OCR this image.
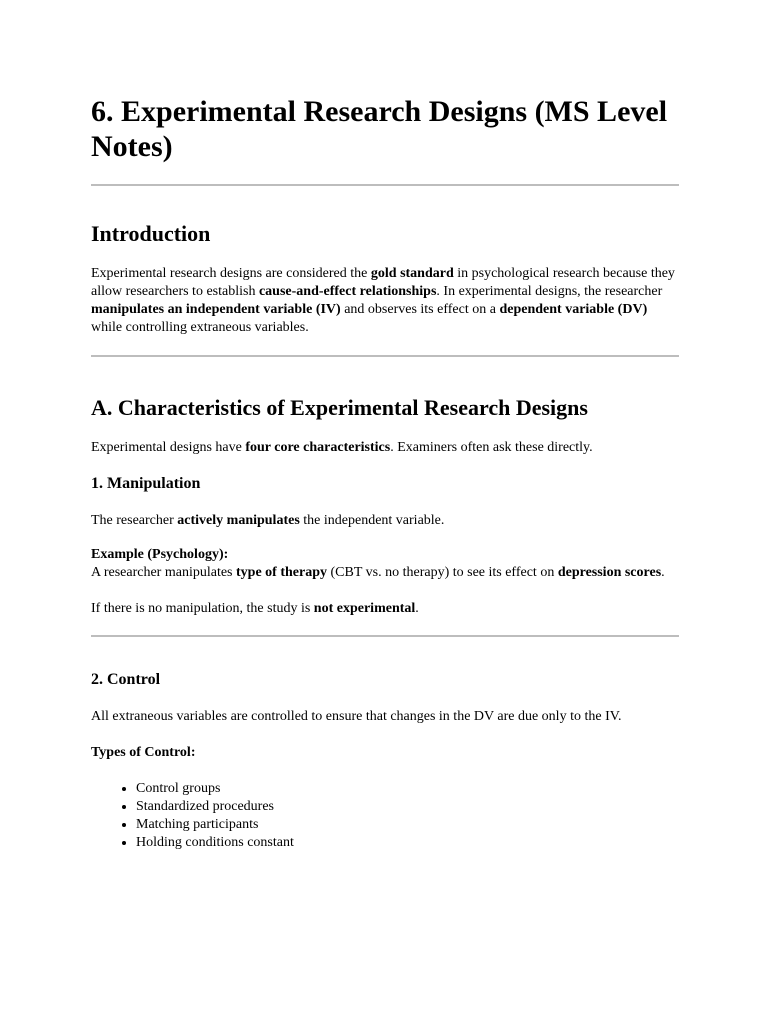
6. Experimental Research Designs (MS Level Notes)
Introduction

Experimental research designs are considered the gold standard in psychological research because they allow researchers to establish cause-and-effect relationships. In experimental designs, the researcher manipulates an independent variable (IV) and observes its effect on a dependent variable (DV) while controlling extraneous variables.

A. Characteristics of Experimental Research Designs

Experimental designs have four core characteristics. Examiners often ask these directly.

1. Manipulation

The researcher actively manipulates the independent variable.

Example (Psychology):
A researcher manipulates type of therapy (CBT vs. no therapy) to see its effect on depression scores.

If there is no manipulation, the study is not experimental.

2. Control

All extraneous variables are controlled to ensure that changes in the DV are due only to the IV.

Types of Control:

• Control groups
• Standardized procedures
• Matching participants
• Holding conditions constant
